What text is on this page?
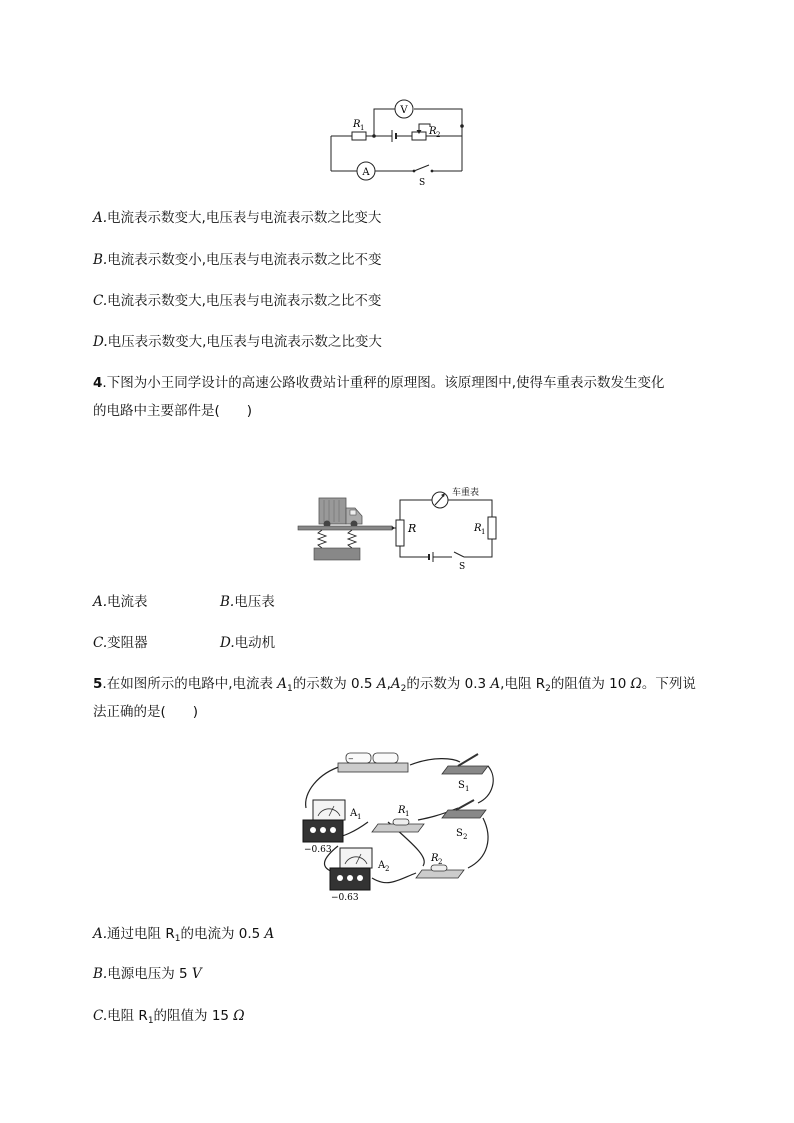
V
A
R 1	R 2
S
A.电流表示数变大,电压表与电流表示数之比变大
B.电流表示数变小,电压表与电流表示数之比不变
C.电流表示数变大,电压表与电流表示数之比不变
D.电压表示数变大,电压表与电流表示数之比变大
4.下图为小王同学设计的高速公路收费站计重秤的原理图。该原理图中,使得车重表示数发生变化
的电路中主要部件是(　　)
车重表
R	R 1
S
A.电流表	B.电压表
C.变阻器	D.电动机
5.在如图所示的电路中,电流表 $A_1$的示数为 0.5 $A,A_2$的示数为 0.3 A,电阻 $R_2$的阻值为 10 Ω。下列说
法正确的是(　　)
−
S 1
S 2
A 1
A 2
R 1
R 2
−0.63
−0.63
A.通过电阻 $R_1$的电流为 0.5 A
B.电源电压为 5 V
C.电阻 $R_1$的阻值为 15 Ω
